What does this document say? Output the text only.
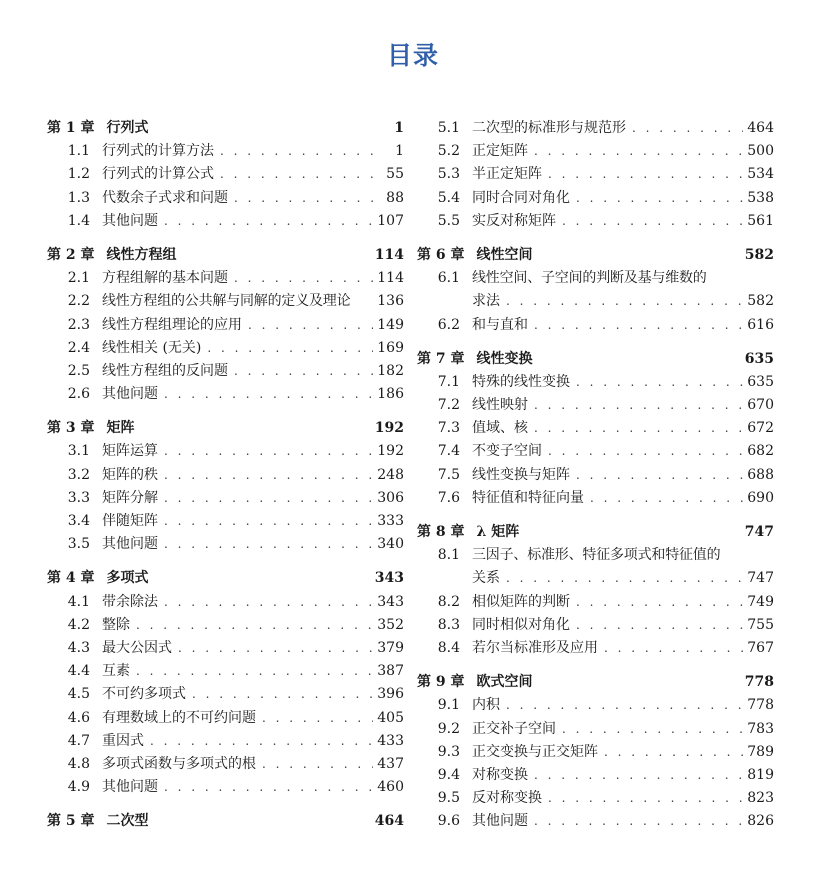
目录
第 1 章 行列式	1
1.1 行列式的计算方法 . . .	1
1.2 行列式的计算公式 . . .	55
1.3 代数余子式求和问题 . . .	88
1.4 其他问题 . . .	107
第 2 章 线性方程组	114
2.1 方程组解的基本问题 . . .	114
2.2 线性方程组的公共解与同解的定义及理论 136
2.3 线性方程组理论的应用 . . .	149
2.4 线性相关 (无关) . . .	169
2.5 线性方程组的反问题 . . .	182
2.6 其他问题 . . .	186
第 3 章 矩阵	192
3.1 矩阵运算 . . .	192
3.2 矩阵的秩 . . .	248
3.3 矩阵分解 . . .	306
3.4 伴随矩阵 . . .	333
3.5 其他问题 . . .	340
第 4 章 多项式	343
4.1 带余除法 . . .	343
4.2 整除 . . .	352
4.3 最大公因式 . . .	379
4.4 互素 . . .	387
4.5 不可约多项式 . . .	396
4.6 有理数域上的不可约问题 . . .	405
4.7 重因式 . . .	433
4.8 多项式函数与多项式的根 . . .	437
4.9 其他问题 . . .	460
第 5 章 二次型	464
5.1 二次型的标准形与规范形 . . .	464
5.2 正定矩阵 . . .	500
5.3 半正定矩阵 . . .	534
5.4 同时合同对角化 . . .	538
5.5 实反对称矩阵 . . .	561
第 6 章 线性空间	582
6.1 线性空间、子空间的判断及基与维数的
求法 . . .	582
6.2 和与直和 . . .	616
第 7 章 线性变换	635
7.1 特殊的线性变换 . . .	635
7.2 线性映射 . . .	670
7.3 值域、核 . . .	672
7.4 不变子空间 . . .	682
7.5 线性变换与矩阵 . . .	688
7.6 特征值和特征向量 . . .	690
第 8 章 λ 矩阵	747
8.1 三因子、标准形、特征多项式和特征值的
关系 . . .	747
8.2 相似矩阵的判断 . . .	749
8.3 同时相似对角化 . . .	755
8.4 若尔当标准形及应用 . . .	767
第 9 章 欧式空间	778
9.1 内积 . . .	778
9.2 正交补子空间 . . .	783
9.3 正交变换与正交矩阵 . . .	789
9.4 对称变换 . . .	819
9.5 反对称变换 . . .	823
9.6 其他问题 . . .	826
